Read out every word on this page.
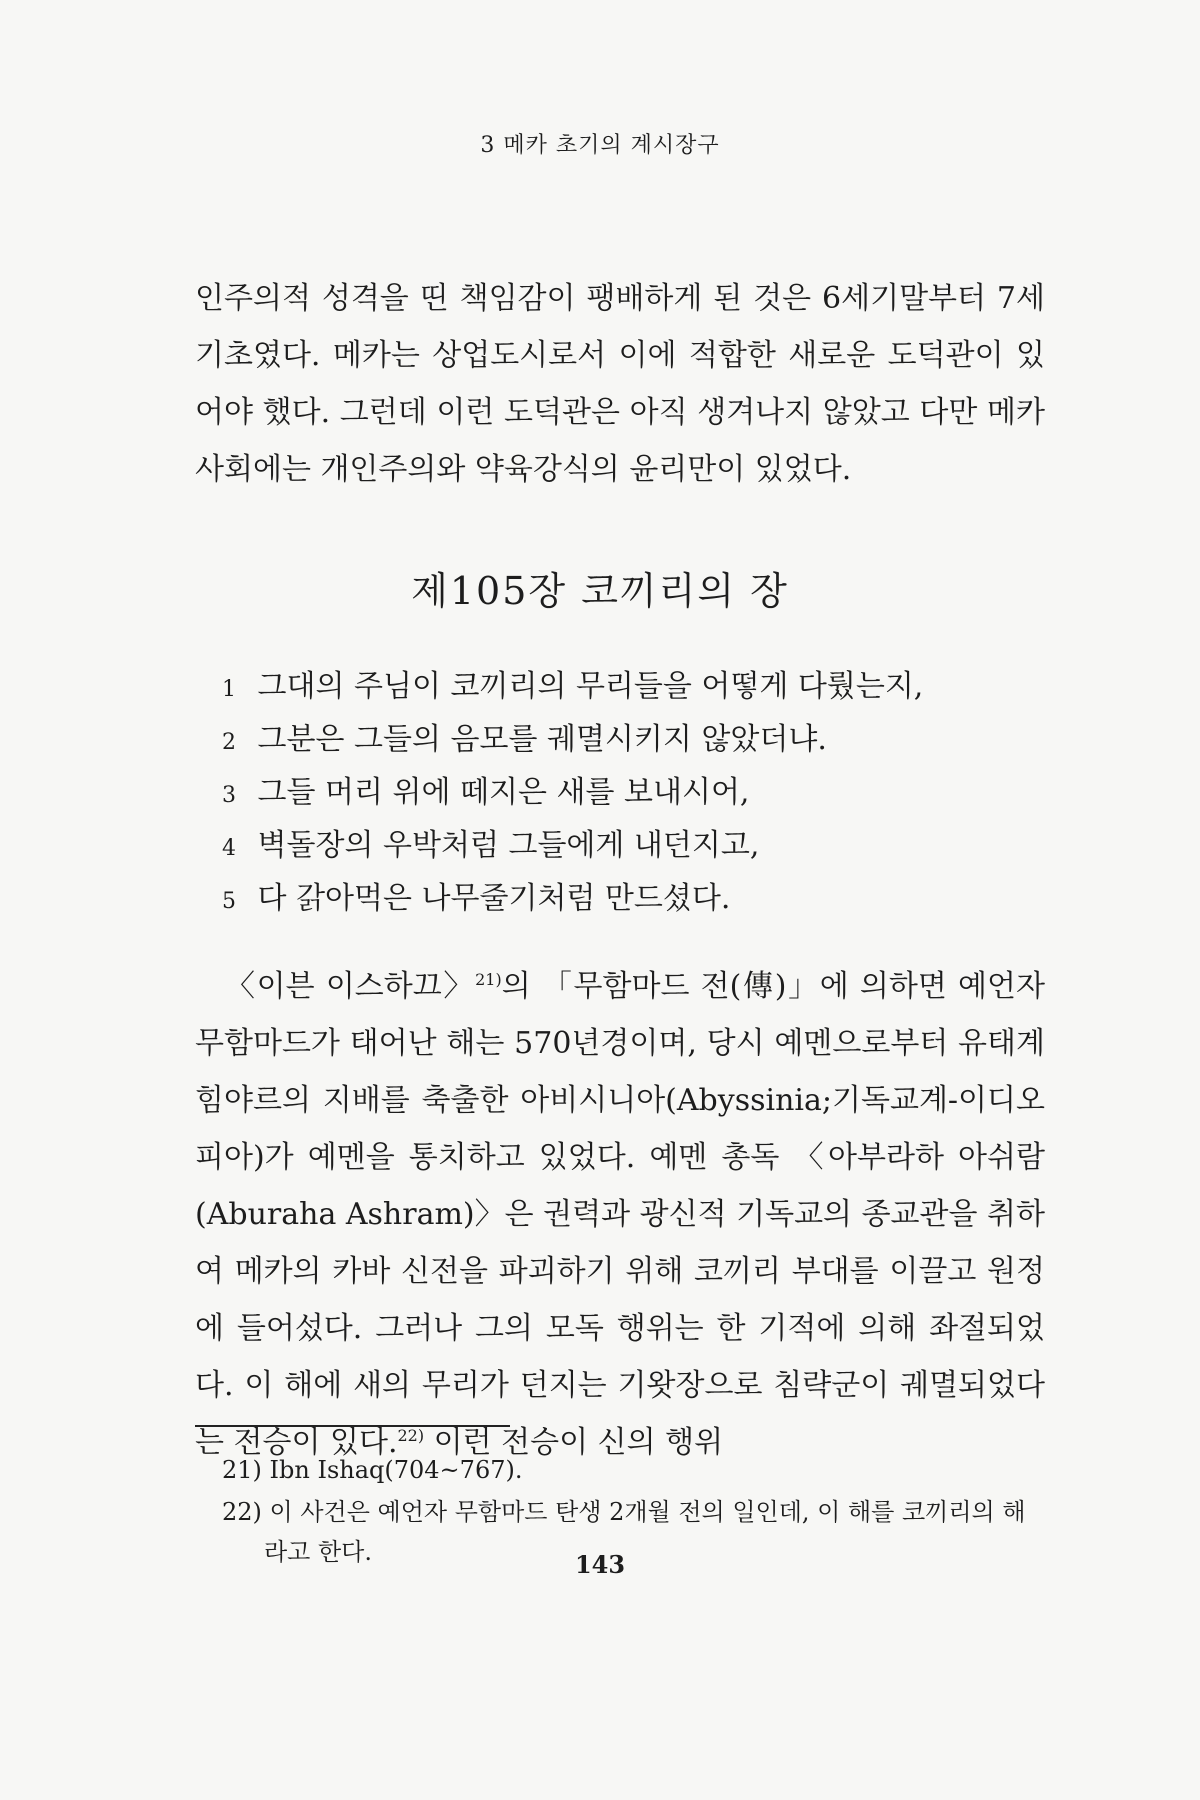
3 메카 초기의 계시장구

인주의적 성격을 띤 책임감이 팽배하게 된 것은 6세기말부터 7세기초였다. 메카는 상업도시로서 이에 적합한 새로운 도덕관이 있어야 했다. 그런데 이런 도덕관은 아직 생겨나지 않았고 다만 메카 사회에는 개인주의와 약육강식의 윤리만이 있었다.

제105장 코끼리의 장
1 그대의 주님이 코끼리의 무리들을 어떻게 다뤘는지,
2 그분은 그들의 음모를 궤멸시키지 않았더냐.
3 그들 머리 위에 떼지은 새를 보내시어,
4 벽돌장의 우박처럼 그들에게 내던지고,
5 다 갉아먹은 나무줄기처럼 만드셨다.

〈이븐 이스하끄〉$^{21)}$의 「무함마드 전(傳)」에 의하면 예언자 무함마드가 태어난 해는 570년경이며, 당시 예멘으로부터 유태계 힘야르의 지배를 축출한 아비시니아(Abyssinia;기독교계-이디오피아)가 예멘을 통치하고 있었다. 예멘 총독 〈아부라하 아쉬람(Aburaha Ashram)〉은 권력과 광신적 기독교의 종교관을 취하여 메카의 카바 신전을 파괴하기 위해 코끼리 부대를 이끌고 원정에 들어섰다. 그러나 그의 모독 행위는 한 기적에 의해 좌절되었다. 이 해에 새의 무리가 던지는 기왓장으로 침략군이 궤멸되었다는 전승이 있다.$^{22)}$ 이런 전승이 신의 행위

21) Ibn Ishaq(704~767).

22) 이 사건은 예언자 무함마드 탄생 2개월 전의 일인데, 이 해를 코끼리의 해라고 한다.	143
